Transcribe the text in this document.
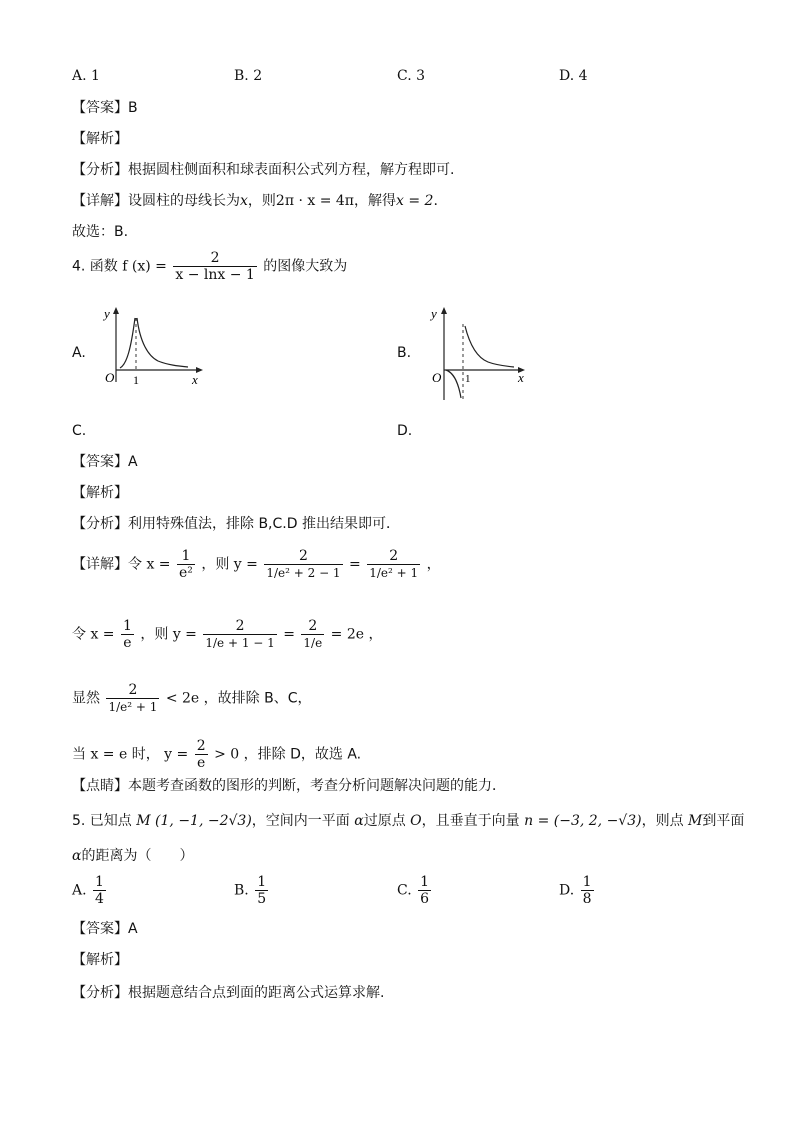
A. 1	B. 2	C. 3	D. 4
【答案】B
【解析】
【分析】根据圆柱侧面积和球表面积公式列方程，解方程即可.
【详解】设圆柱的母线长为x，则2π · x = 4π，解得x = 2.
故选：B.
4. 函数 f $(x) = \frac{2}{x - \ln x - 1}$ 的图像大致为
A.
y
O 1	x
B.
y
O 1	x
C.	D.
【答案】A
【解析】
【分析】利用特殊值法，排除 B,C.D 推出结果即可．
【详解】令 $x = \frac{1}{\text{e²}}$ ，则 $y = \frac{2}{\text{1/e² + 2 − 1}} = \frac{2}{\text{1/e² + 1}}$ ，
令 $x = \frac{1}{e}$ ，则 $y = \frac{2}{1/e + 1 - 1} = \frac{2}{1/e} = 2e$ ，
显然 $\frac{2}{\text{1/e² + 1}} < 2e$ ，故排除 B、C，
当 x = e 时， $y = \frac{2}{e} > 0$ ，排除 D，故选 A.
【点睛】本题考查函数的图形的判断，考查分析问题解决问题的能力．
5. 已知点 M (1, −1, −2√3)，空间内一平面 α过原点 O，且垂直于向量 n = (−3, 2, −√3)，则点 M到平面
α的距离为（　　）
A. $\frac{1}{4}$	B. $\frac{1}{5}$	C. $\frac{1}{6}$	D. $\frac{1}{8}$
【答案】A
【解析】
【分析】根据题意结合点到面的距离公式运算求解.
